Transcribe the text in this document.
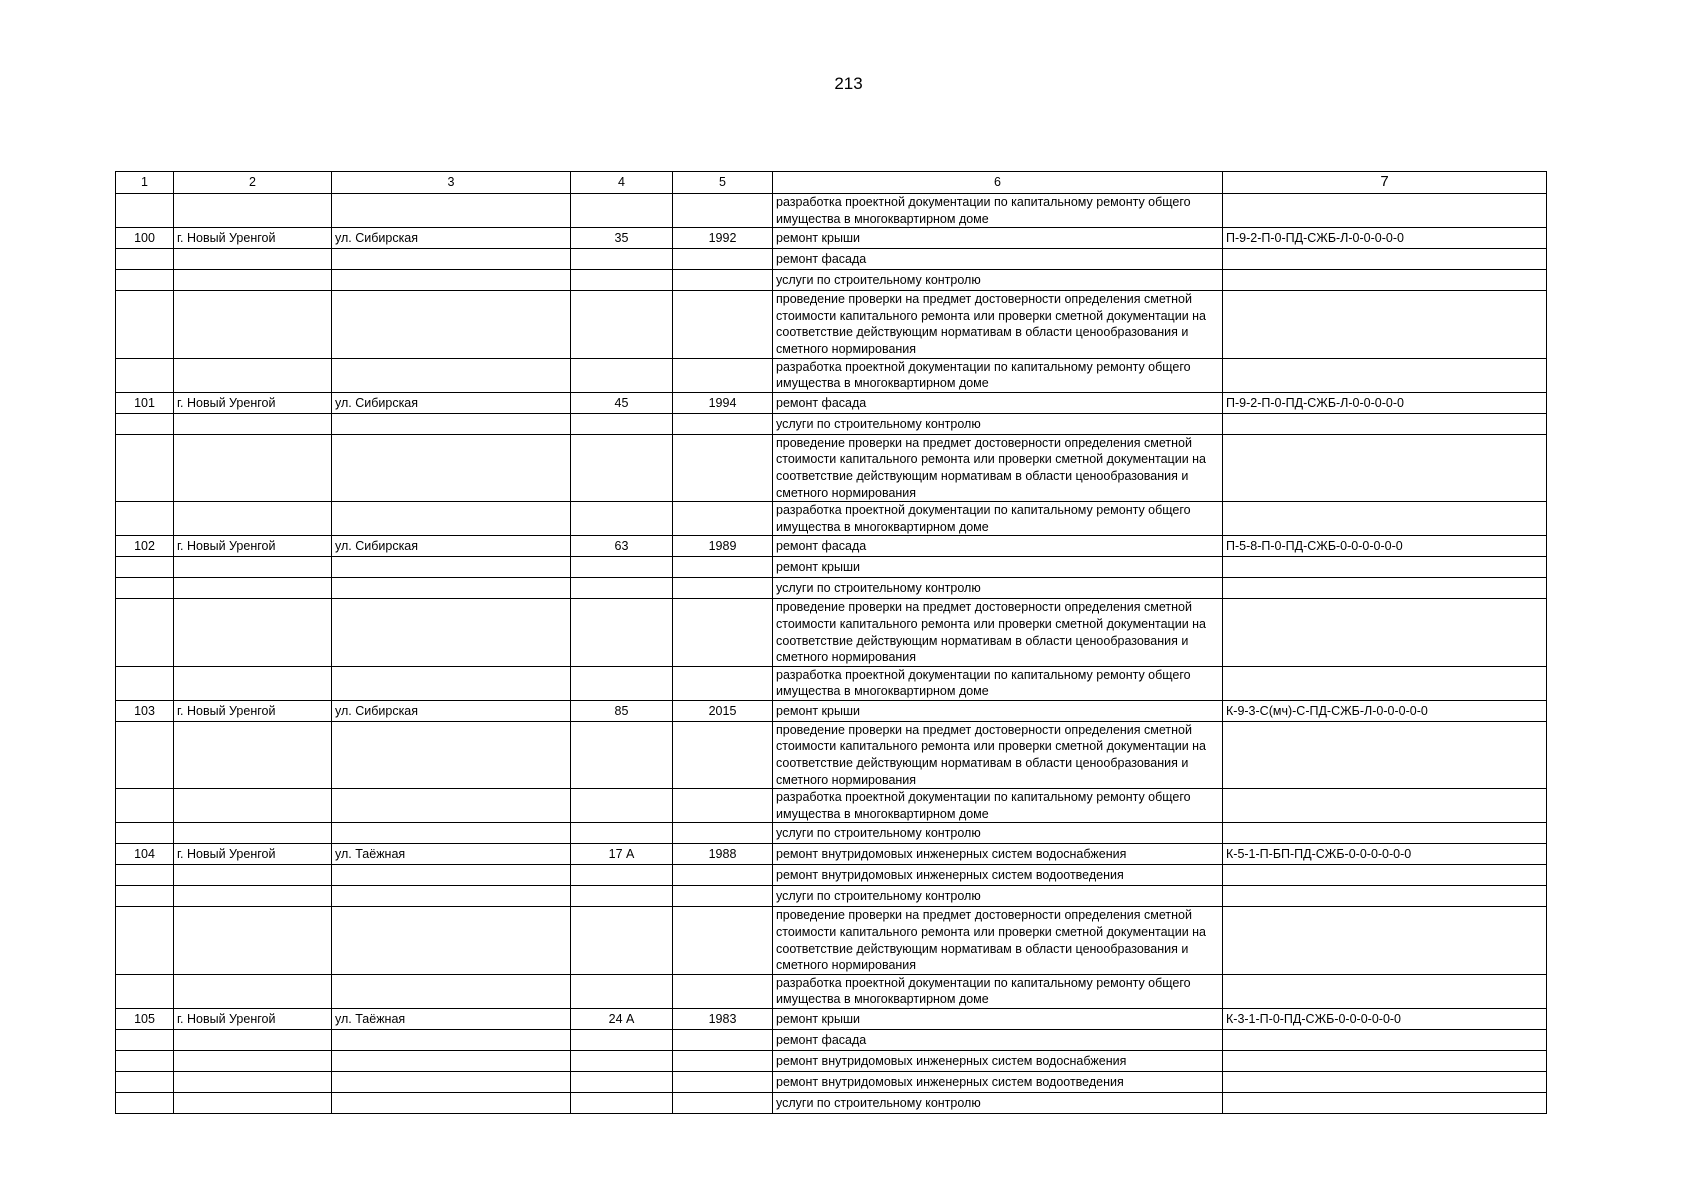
213
1	2	3	4	5	6	7
					разработка проектной документации по капитальному ремонту общего имущества в многоквартирном доме	
100	г. Новый Уренгой	ул. Сибирская	35	1992	ремонт крыши	П-9-2-П-0-ПД-СЖБ-Л-0-0-0-0-0
					ремонт фасада	
					услуги по строительному контролю	
					проведение проверки на предмет достоверности определения сметной стоимости капитального ремонта или проверки сметной документации на соответствие действующим нормативам в области ценообразования и сметного нормирования	
					разработка проектной документации по капитальному ремонту общего имущества в многоквартирном доме	
101	г. Новый Уренгой	ул. Сибирская	45	1994	ремонт фасада	П-9-2-П-0-ПД-СЖБ-Л-0-0-0-0-0
					услуги по строительному контролю	
					проведение проверки на предмет достоверности определения сметной стоимости капитального ремонта или проверки сметной документации на соответствие действующим нормативам в области ценообразования и сметного нормирования	
					разработка проектной документации по капитальному ремонту общего имущества в многоквартирном доме	
102	г. Новый Уренгой	ул. Сибирская	63	1989	ремонт фасада	П-5-8-П-0-ПД-СЖБ-0-0-0-0-0-0
					ремонт крыши	
					услуги по строительному контролю	
					проведение проверки на предмет достоверности определения сметной стоимости капитального ремонта или проверки сметной документации на соответствие действующим нормативам в области ценообразования и сметного нормирования	
					разработка проектной документации по капитальному ремонту общего имущества в многоквартирном доме	
103	г. Новый Уренгой	ул. Сибирская	85	2015	ремонт крыши	К-9-3-С(мч)-С-ПД-СЖБ-Л-0-0-0-0-0
					проведение проверки на предмет достоверности определения сметной стоимости капитального ремонта или проверки сметной документации на соответствие действующим нормативам в области ценообразования и сметного нормирования	
					разработка проектной документации по капитальному ремонту общего имущества в многоквартирном доме	
					услуги по строительному контролю	
104	г. Новый Уренгой	ул. Таёжная	17 А	1988	ремонт внутридомовых инженерных систем водоснабжения	К-5-1-П-БП-ПД-СЖБ-0-0-0-0-0-0
					ремонт внутридомовых инженерных систем водоотведения	
					услуги по строительному контролю	
					проведение проверки на предмет достоверности определения сметной стоимости капитального ремонта или проверки сметной документации на соответствие действующим нормативам в области ценообразования и сметного нормирования	
					разработка проектной документации по капитальному ремонту общего имущества в многоквартирном доме	
105	г. Новый Уренгой	ул. Таёжная	24 А	1983	ремонт крыши	К-3-1-П-0-ПД-СЖБ-0-0-0-0-0-0
					ремонт фасада	
					ремонт внутридомовых инженерных систем водоснабжения	
					ремонт внутридомовых инженерных систем водоотведения	
					услуги по строительному контролю	
